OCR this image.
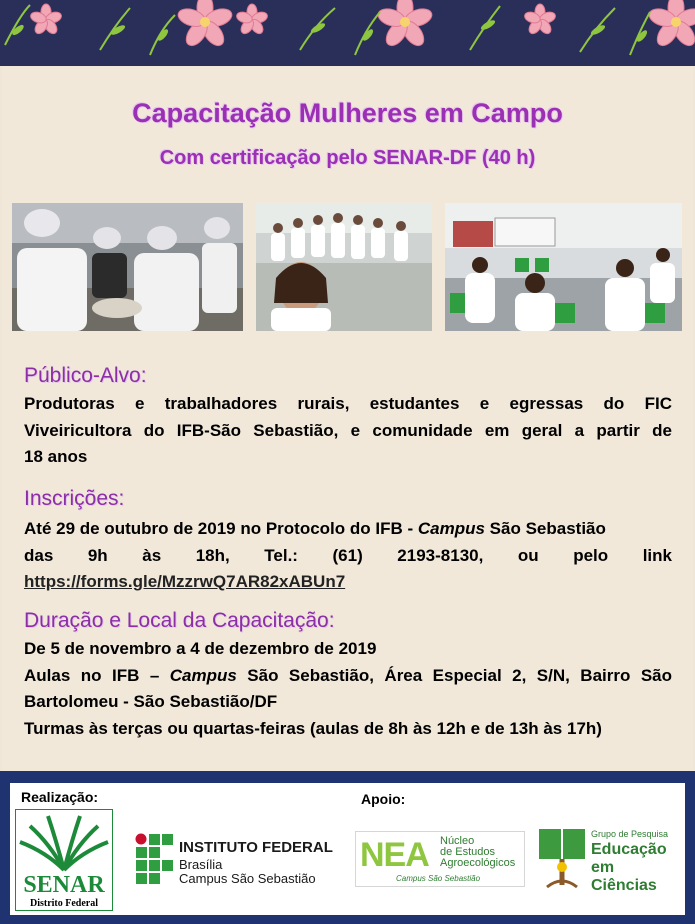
Capacitação Mulheres em Campo
Com certificação pelo SENAR-DF (40 h)
Público-Alvo:
Produtoras e trabalhadores rurais, estudantes e egressas do FIC
Viveiricultora do IFB-São Sebastião, e comunidade em geral a partir de
18 anos
Inscrições:
Até 29 de outubro de 2019 no Protocolo do IFB - Campus São Sebastião
das 9h às 18h, Tel.: (61) 2193-8130, ou pelo link
https://forms.gle/MzzrwQ7AR82xABUn7
Duração e Local da Capacitação:
De 5 de novembro a 4 de dezembro de 2019
Aulas no IFB – Campus São Sebastião, Área Especial 2, S/N, Bairro São
Bartolomeu - São Sebastião/DF
Turmas às terças ou quartas-feiras (aulas de 8h às 12h e de 13h às 17h)
Realização:	Apoio:
SENAR
Distrito Federal
INSTITUTO FEDERAL
Brasília
Campus São Sebastião
NEA Núcleo
de Estudos
Agroecológicos
Campus São Sebastião
Grupo de Pesquisa
Educação
em Ciências
